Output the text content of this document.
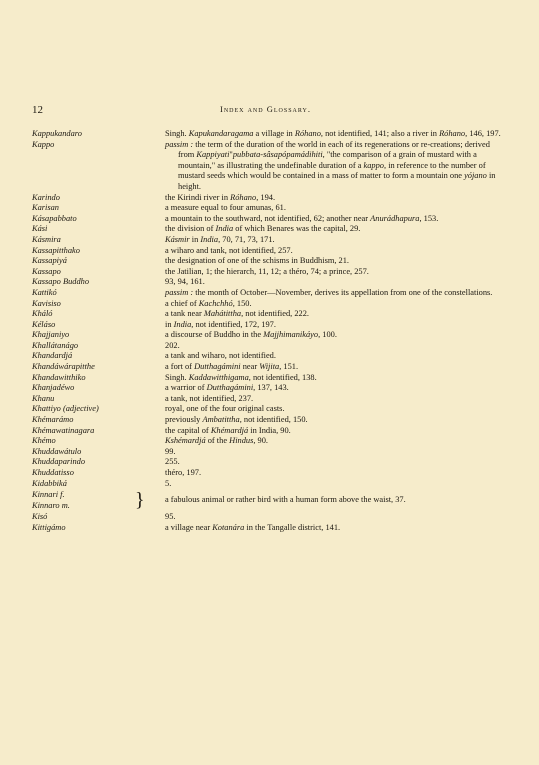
12	Index and Glossary.
Kappukandaro	Singh. Kapukandaragama a village in Róhano, not identified, 141; also a river in Róhano, 146, 197.
Kappo	passim : the term of the duration of the world in each of its regenerations or re-creations; derived from Kappiyati"pubbata-sâsapópamádihiti, "the comparison of a grain of mustard with a mountain," as illustrating the undefinable duration of a kappo, in reference to the number of mustard seeds which would be contained in a mass of matter to form a mountain one yójano in height.
Karindo	the Kirindi river in Róhano, 194.
Karisan	a measure equal to four amunas, 61.
Kásapabbato	a mountain to the southward, not identified, 62; another near Anurádhapura, 153.
Kási	the division of India of which Benares was the capital, 29.
Kásmira	Kásmir in India, 70, 71, 73, 171.
Kassapitthako	a wiharo and tank, not identified, 257.
Kassapiyá	the designation of one of the schisms in Buddhism, 21.
Kassapo	the Jatilian, 1; the hierarch, 11, 12; a théro, 74; a prince, 257.
Kassapo Buddho	93, 94, 161.
Kattikó	passim : the month of October—November, derives its appellation from one of the constellations.
Kavisiso	a chief of Kachchhó, 150.
Kháló	a tank near Mahátittha, not identified, 222.
Kéláso	in India, not identified, 172, 197.
Khajjaniyo	a discourse of Buddho in the Majjhimanikáyo, 100.
Khallátanágo	202.
Khandardjá	a tank and wiharo, not identified.
Khandáwárapitthe	a fort of Dutthagámini near Wijita, 151.
Khandawitthiko	Singh. Kaddawitthigama, not identified, 138.
Khanjadéwo	a warrior of Dutthagámini, 137, 143.
Khanu	a tank, not identified, 237.
Khattiyo (adjective)	royal, one of the four original casts.
Khémarámo	previously Ambatittha, not identified, 150.
Khémawatinagara	the capital of Khémardjá in India, 90.
Khémo	Kshémardjá of the Hindus, 90.
Khuddawátulo	99.
Khuddaparindo	255.
Khuddatisso	théro, 197.
Kidabbiká	5.
Kinnari f.
Kinnaro m.	} a fabulous animal or rather bird with a human form above the waist, 37.
Kisó	95.
Kittigámo	a village near Kotanára in the Tangalle district, 141.
